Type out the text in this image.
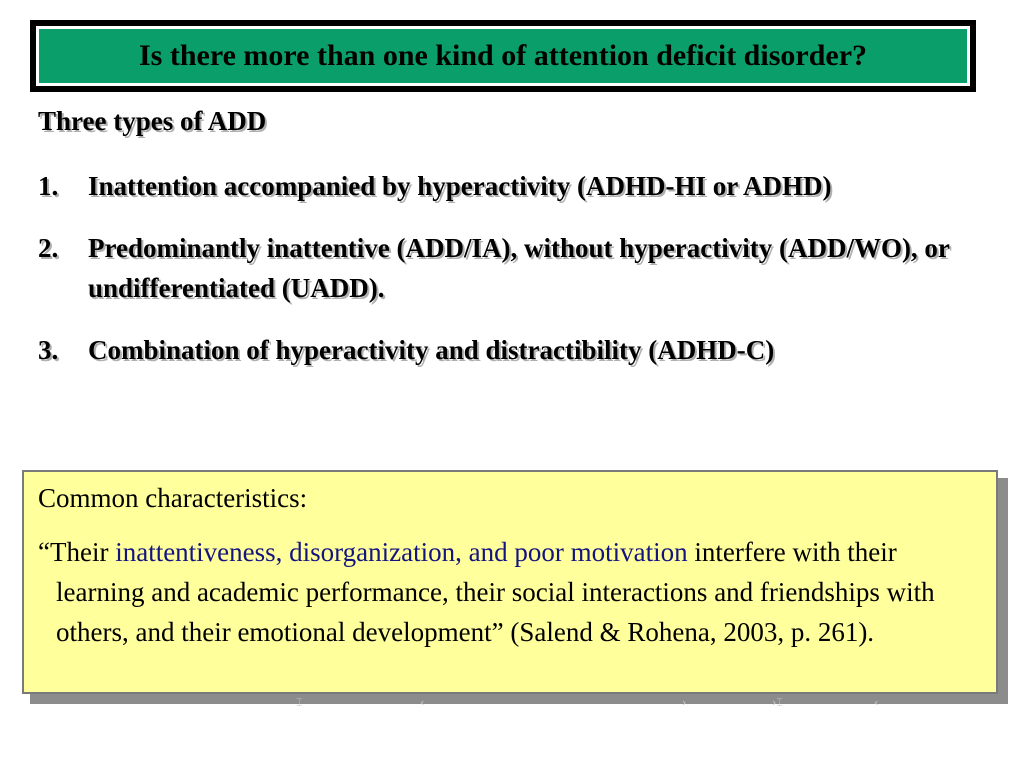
Is there more than one kind of attention deficit disorder?
Three types of ADD
1.	Inattention accompanied by hyperactivity (ADHD-HI or ADHD)
2.	Predominantly inattentive (ADD/IA), without hyperactivity (ADD/WO), or undifferentiated (UADD).
3.	Combination of hyperactivity and distractibility (ADHD-C)
Common characteristics:
“Their inattentiveness, disorganization, and poor motivation interfere with their learning and academic performance, their social interactions and friendships with others, and their emotional development” (Salend & Rohena, 2003, p. 261).
⌶	‹	›	›⌶	‹
